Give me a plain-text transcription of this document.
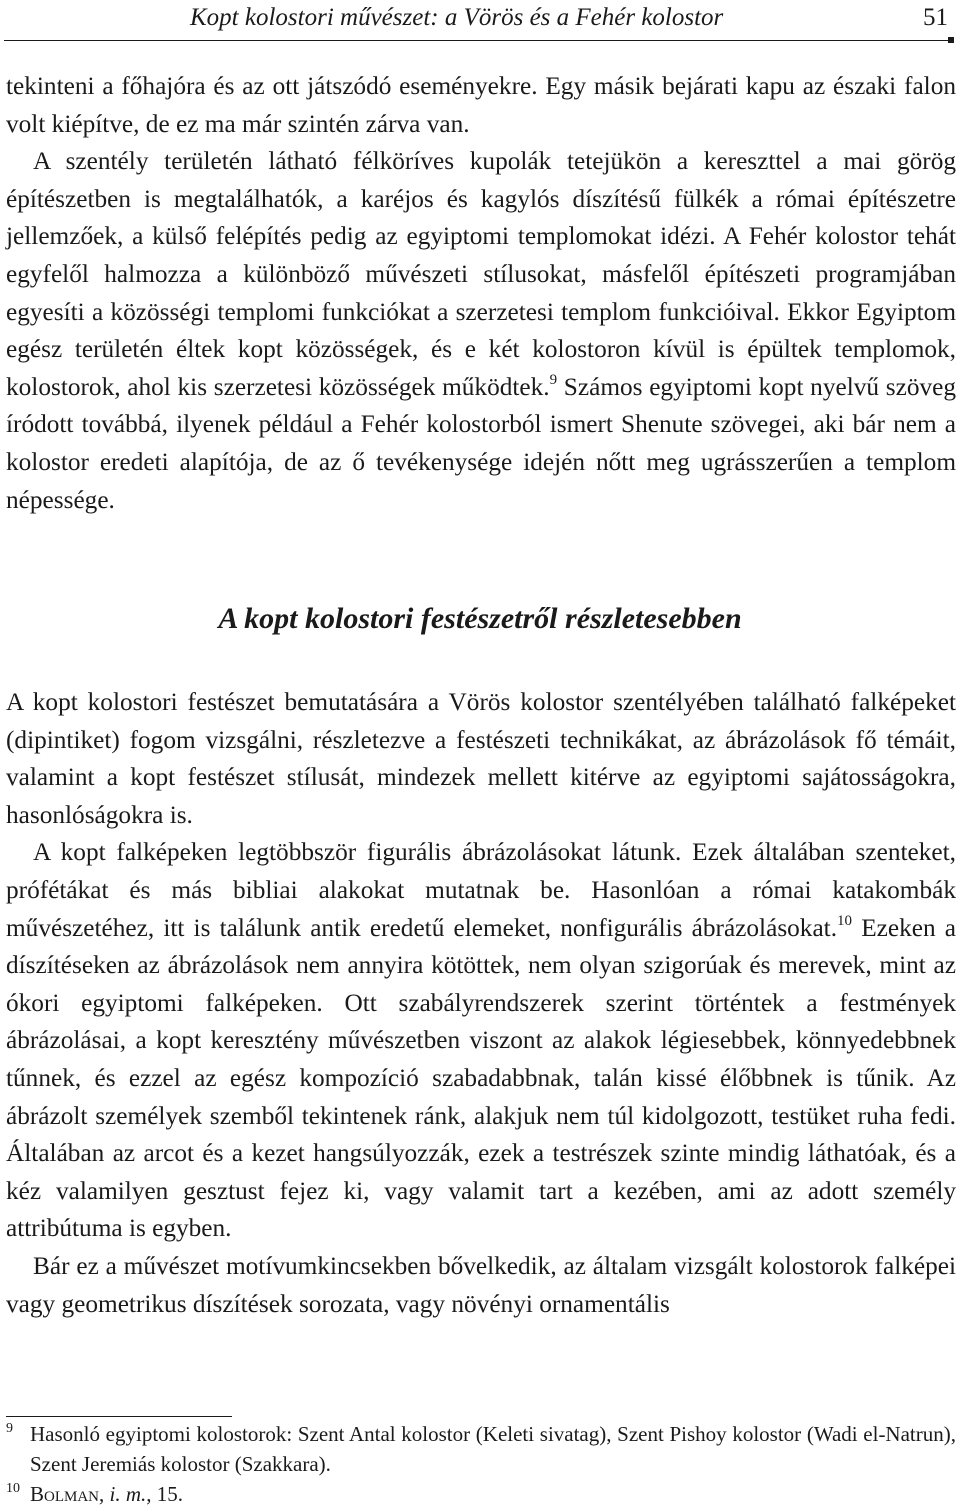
Kopt kolostori művészet: a Vörös és a Fehér kolostor	51

tekinteni a főhajóra és az ott játszódó eseményekre. Egy másik bejárati kapu az északi falon volt kiépítve, de ez ma már szintén zárva van.

A szentély területén látható félköríves kupolák tetejükön a kereszttel a mai görög építészetben is megtalálhatók, a karéjos és kagylós díszítésű fülkék a római építészetre jellemzőek, a külső felépítés pedig az egyiptomi templomokat idézi. A Fehér kolostor tehát egyfelől halmozza a különböző művészeti stílusokat, másfelől építészeti programjában egyesíti a közösségi templomi funkciókat a szerzetesi templom funkcióival. Ekkor Egyiptom egész területén éltek kopt közösségek, és e két kolostoron kívül is épültek templomok, kolostorok, ahol kis szerzetesi közösségek működtek.$^9$ Számos egyiptomi kopt nyelvű szöveg íródott továbbá, ilyenek például a Fehér kolostorból ismert Shenute szövegei, aki bár nem a kolostor eredeti alapítója, de az ő tevékenysége idején nőtt meg ugrásszerűen a templom népessége.

A kopt kolostori festészetről részletesebben

A kopt kolostori festészet bemutatására a Vörös kolostor szentélyében található falképeket (dipintiket) fogom vizsgálni, részletezve a festészeti technikákat, az ábrázolások fő témáit, valamint a kopt festészet stílusát, mindezek mellett kitérve az egyiptomi sajátosságokra, hasonlóságokra is.

A kopt falképeken legtöbbször figurális ábrázolásokat látunk. Ezek általában szenteket, prófétákat és más bibliai alakokat mutatnak be. Hasonlóan a római katakombák művészetéhez, itt is találunk antik eredetű elemeket, nonfigurális ábrázolásokat.$^{10}$ Ezeken a díszítéseken az ábrázolások nem annyira kötöttek, nem olyan szigorúak és merevek, mint az ókori egyiptomi falképeken. Ott szabályrendszerek szerint történtek a festmények ábrázolásai, a kopt keresztény művészetben viszont az alakok légiesebbek, könnyedebbnek tűnnek, és ezzel az egész kompozíció szabadabbnak, talán kissé élőbbnek is tűnik. Az ábrázolt személyek szemből tekintenek ránk, alakjuk nem túl kidolgozott, testüket ruha fedi. Általában az arcot és a kezet hangsúlyozzák, ezek a testrészek szinte mindig láthatóak, és a kéz valamilyen gesztust fejez ki, vagy valamit tart a kezében, ami az adott személy attribútuma is egyben.

Bár ez a művészet motívumkincsekben bővelkedik, az általam vizsgált kolostorok falképei vagy geometrikus díszítések sorozata, vagy növényi ornamentális

9 Hasonló egyiptomi kolostorok: Szent Antal kolostor (Keleti sivatag), Szent Pishoy kolostor (Wadi el-Natrun), Szent Jeremiás kolostor (Szakkara).
10 Bolman, i. m., 15.
